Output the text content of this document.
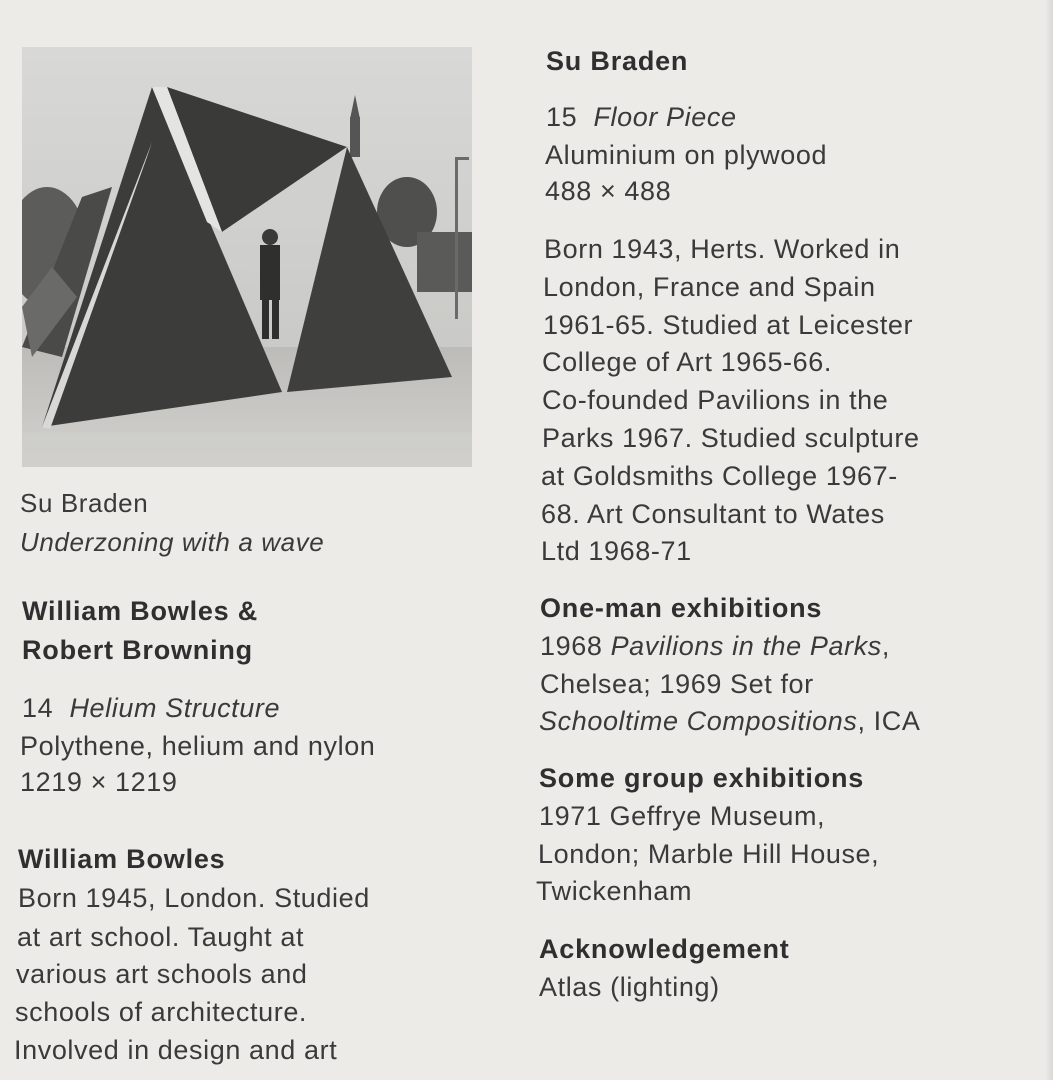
Su Braden
Underzoning with a wave
William Bowles &
Robert Browning
14 Helium Structure
Polythene, helium and nylon
1219 × 1219
William Bowles
Born 1945, London. Studied
at art school. Taught at
various art schools and
schools of architecture.
Involved in design and art
Su Braden
15 Floor Piece
Aluminium on plywood
488 × 488
Born 1943, Herts. Worked in
London, France and Spain
1961-65. Studied at Leicester
College of Art 1965-66.
Co-founded Pavilions in the
Parks 1967. Studied sculpture
at Goldsmiths College 1967-
68. Art Consultant to Wates
Ltd 1968-71
One-man exhibitions
1968 Pavilions in the Parks,
Chelsea; 1969 Set for
Schooltime Compositions, ICA
Some group exhibitions
1971 Geffrye Museum,
London; Marble Hill House,
Twickenham
Acknowledgement
Atlas (lighting)
